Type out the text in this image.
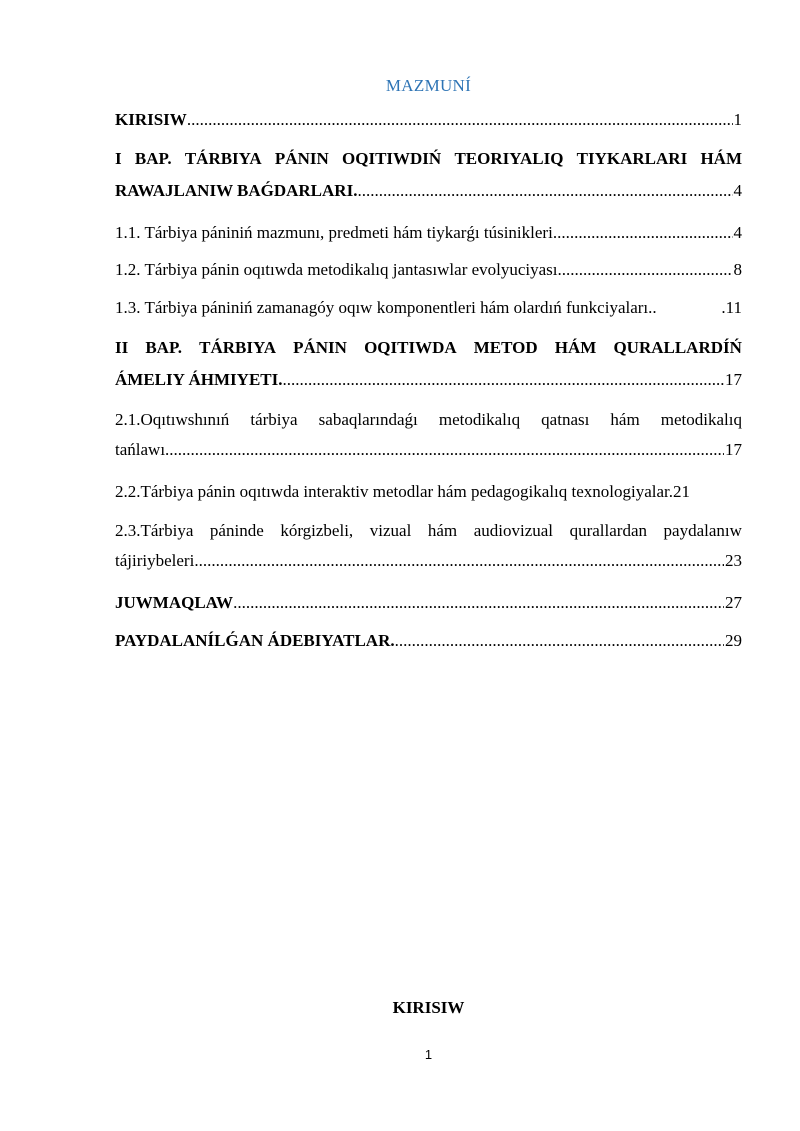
MAZMUNÍ
KIRISIW .....	1
I BAP. TÁRBIYA PÁNIN OQITIWDIŃ TEORIYALIQ TIYKARLARI HÁM
RAWAJLANIW BAǴDARLARI. .....	4
1.1. Tárbiya pániniń mazmunı, predmeti hám tiykarǵı túsinikleri .....	4
1.2. Tárbiya pánin oqıtıwda metodikalıq jantasıwlar evolyuciyası .....	8
1.3. Tárbiya pániniń zamanagóy oqıw komponentleri hám olardıń funkciyaları..	.11
II BAP. TÁRBIYA PÁNIN OQITIWDA METOD HÁM QURALLARDÍŃ
ÁMELIY ÁHMIYETI. .....	17
2.1.Oqıtıwshınıń tárbiya sabaqlarındaǵı metodikalıq qatnası hám metodikalıq
tańlawı .....	17
2.2.Tárbiya pánin oqıtıwda interaktiv metodlar hám pedagogikalıq texnologiyalar.21
2.3.Tárbiya páninde kórgizbeli, vizual hám audiovizual qurallardan paydalanıw
tájiriybeleri .....	23
JUWMAQLAW .....	27
PAYDALANÍLǴAN ÁDEBIYATLAR. .....	29
KIRISIW
1
